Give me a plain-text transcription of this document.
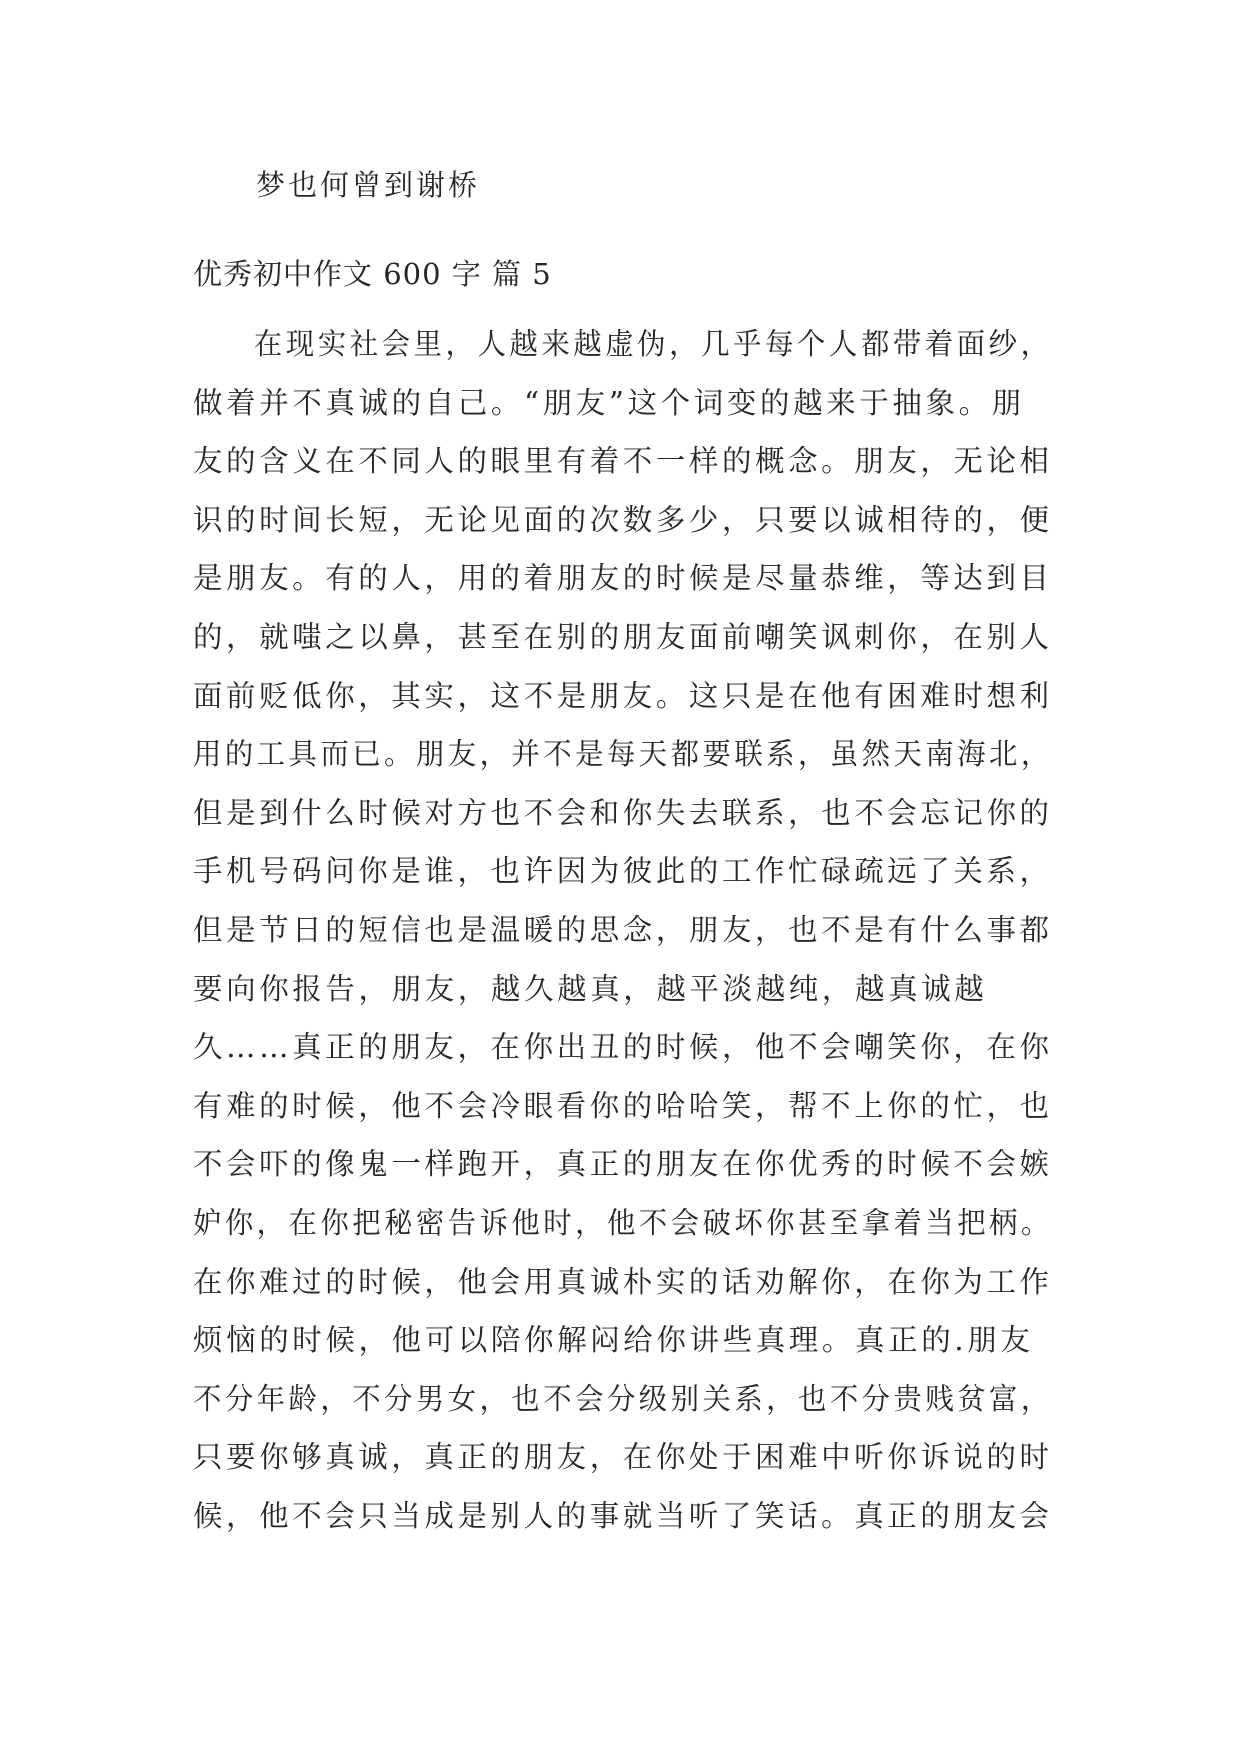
梦也何曾到谢桥
优秀初中作文 600 字 篇 5
在现实社会里，人越来越虚伪，几乎每个人都带着面纱，
做着并不真诚的自己。“朋友”这个词变的越来于抽象。朋
友的含义在不同人的眼里有着不一样的概念。朋友，无论相
识的时间长短，无论见面的次数多少，只要以诚相待的，便
是朋友。有的人，用的着朋友的时候是尽量恭维，等达到目
的，就嗤之以鼻，甚至在别的朋友面前嘲笑讽刺你，在别人
面前贬低你，其实，这不是朋友。这只是在他有困难时想利
用的工具而已。朋友，并不是每天都要联系，虽然天南海北，
但是到什么时候对方也不会和你失去联系，也不会忘记你的
手机号码问你是谁，也许因为彼此的工作忙碌疏远了关系，
但是节日的短信也是温暖的思念，朋友，也不是有什么事都
要向你报告，朋友，越久越真，越平淡越纯，越真诚越
久……真正的朋友，在你出丑的时候，他不会嘲笑你，在你
有难的时候，他不会冷眼看你的哈哈笑，帮不上你的忙，也
不会吓的像鬼一样跑开，真正的朋友在你优秀的时候不会嫉
妒你，在你把秘密告诉他时，他不会破坏你甚至拿着当把柄。
在你难过的时候，他会用真诚朴实的话劝解你，在你为工作
烦恼的时候，他可以陪你解闷给你讲些真理。真正的.朋友
不分年龄，不分男女，也不会分级别关系，也不分贵贱贫富，
只要你够真诚，真正的朋友，在你处于困难中听你诉说的时
候，他不会只当成是别人的事就当听了笑话。真正的朋友会
